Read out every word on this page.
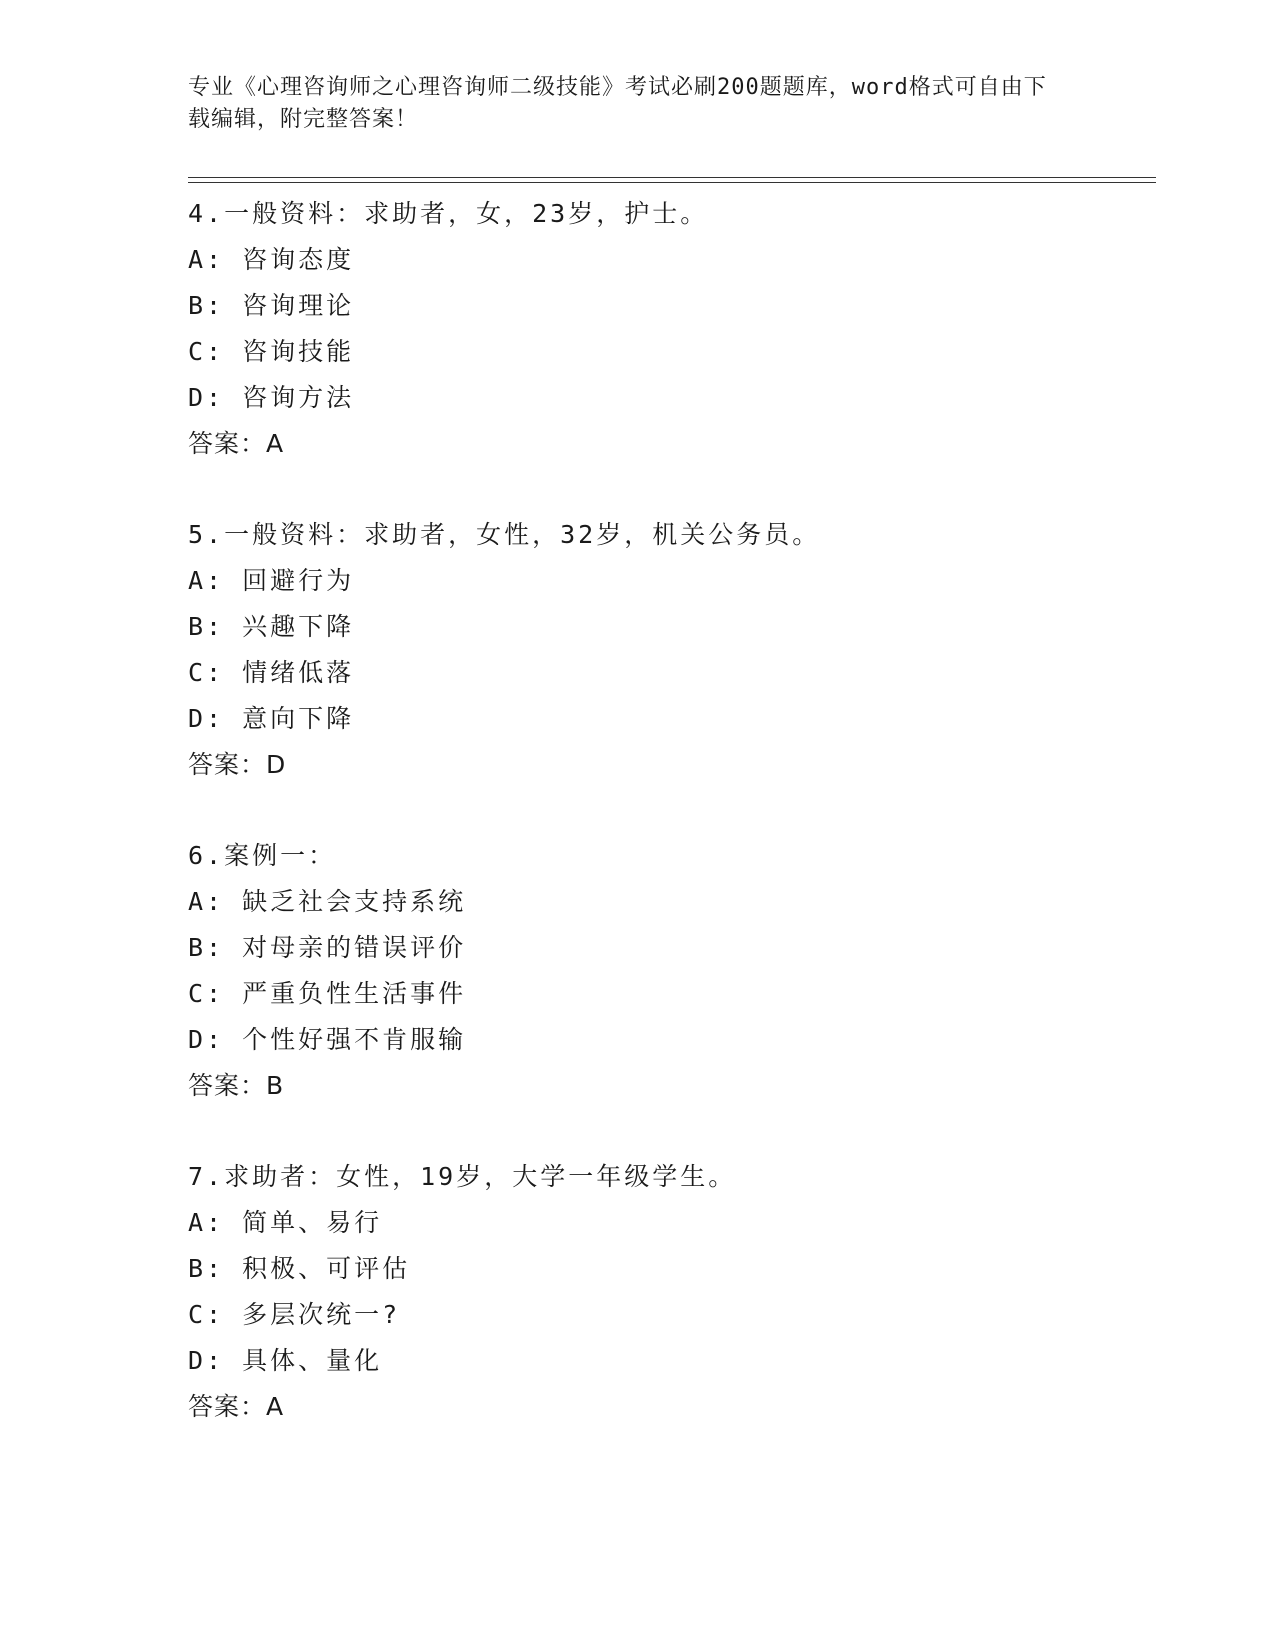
专业《心理咨询师之心理咨询师二级技能》考试必刷200题题库，word格式可自由下载编辑，附完整答案！
4.一般资料：求助者，女，23岁，护士。
A: 咨询态度
B: 咨询理论
C: 咨询技能
D: 咨询方法
答案：A
5.一般资料：求助者，女性，32岁，机关公务员。
A: 回避行为
B: 兴趣下降
C: 情绪低落
D: 意向下降
答案：D
6.案例一：
A: 缺乏社会支持系统
B: 对母亲的错误评价
C: 严重负性生活事件
D: 个性好强不肯服输
答案：B
7.求助者：女性，19岁，大学一年级学生。
A: 简单、易行
B: 积极、可评估
C: 多层次统一?
D: 具体、量化
答案：A
